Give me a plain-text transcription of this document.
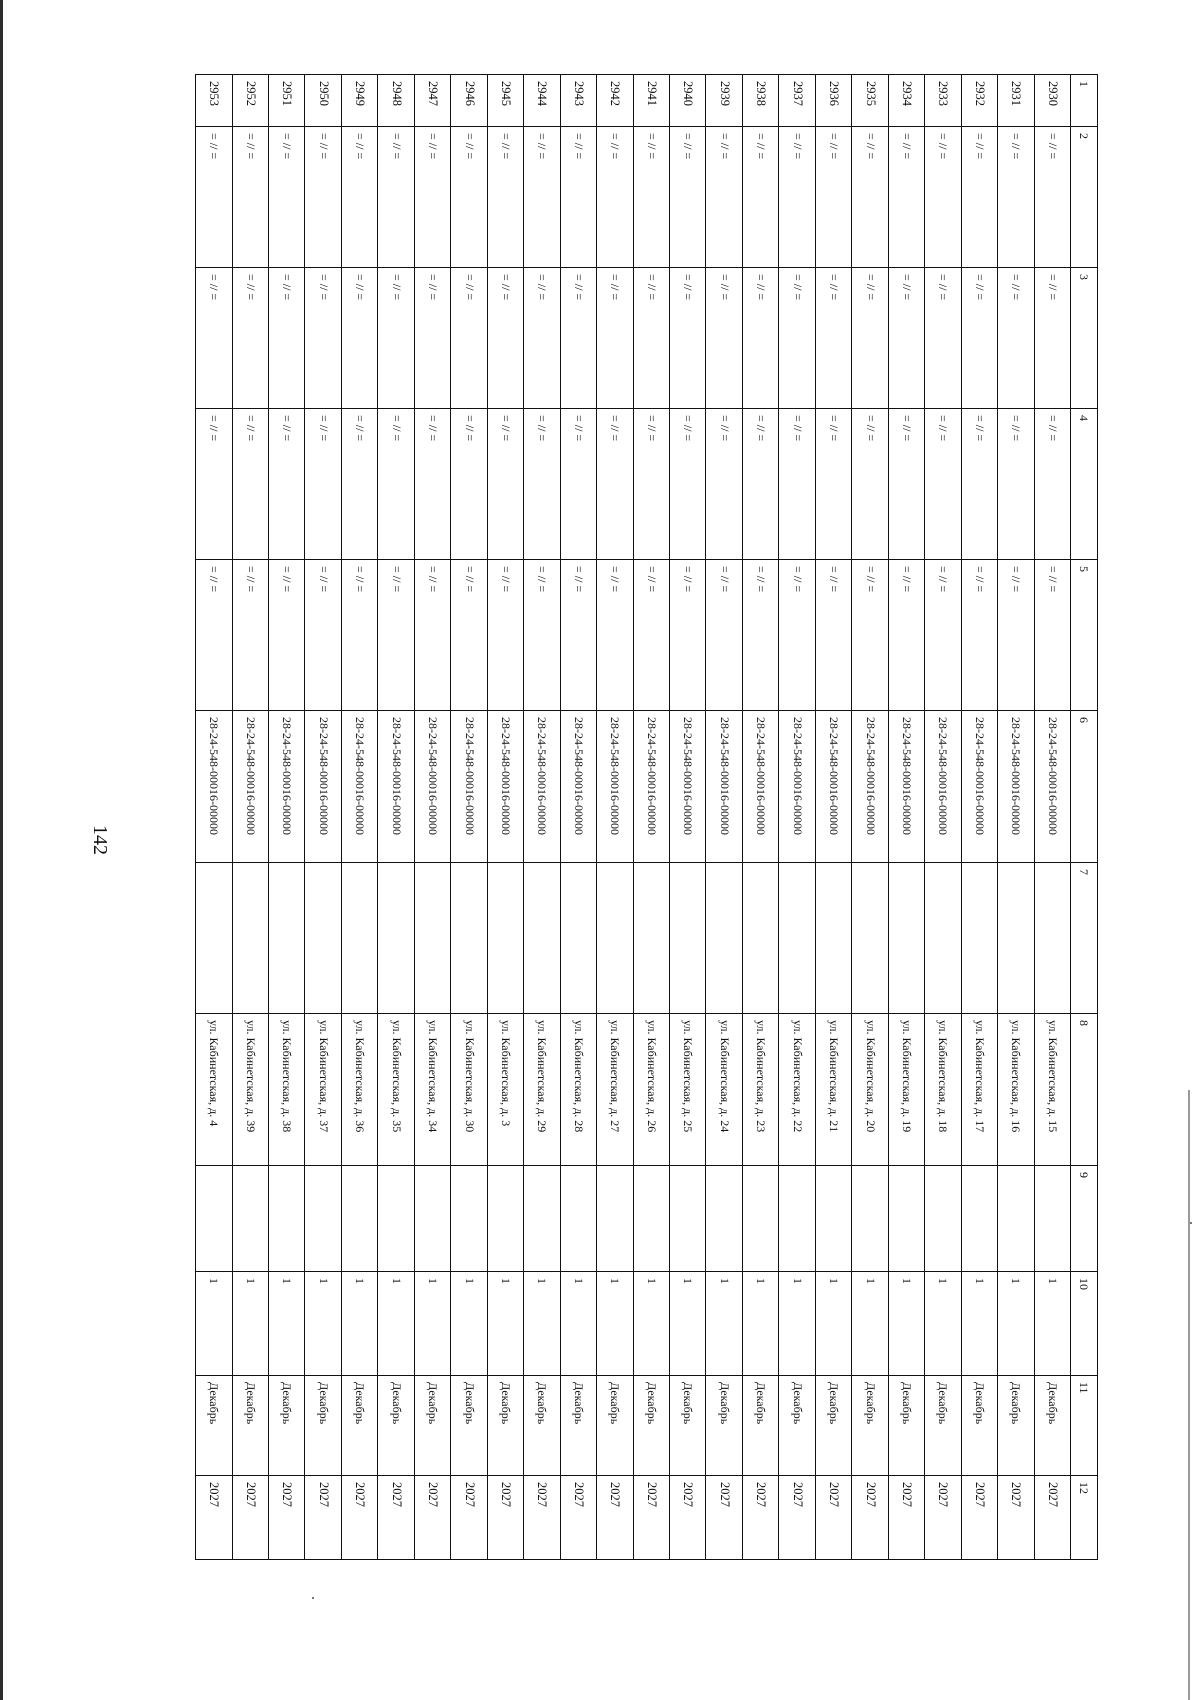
142
1	2	3	4	5	6	7	8	9	10	11	12
2930	= // =	= // =	= // =	= // =	28-24-548-00016-00000		ул. Кабинетская, д. 15		1	Декабрь	2027
2931	= // =	= // =	= // =	= // =	28-24-548-00016-00000		ул. Кабинетская, д. 16		1	Декабрь	2027
2932	= // =	= // =	= // =	= // =	28-24-548-00016-00000		ул. Кабинетская, д. 17		1	Декабрь	2027
2933	= // =	= // =	= // =	= // =	28-24-548-00016-00000		ул. Кабинетская, д. 18		1	Декабрь	2027
2934	= // =	= // =	= // =	= // =	28-24-548-00016-00000		ул. Кабинетская, д. 19		1	Декабрь	2027
2935	= // =	= // =	= // =	= // =	28-24-548-00016-00000		ул. Кабинетская, д. 20		1	Декабрь	2027
2936	= // =	= // =	= // =	= // =	28-24-548-00016-00000		ул. Кабинетская, д. 21		1	Декабрь	2027
2937	= // =	= // =	= // =	= // =	28-24-548-00016-00000		ул. Кабинетская, д. 22		1	Декабрь	2027
2938	= // =	= // =	= // =	= // =	28-24-548-00016-00000		ул. Кабинетская, д. 23		1	Декабрь	2027
2939	= // =	= // =	= // =	= // =	28-24-548-00016-00000		ул. Кабинетская, д. 24		1	Декабрь	2027
2940	= // =	= // =	= // =	= // =	28-24-548-00016-00000		ул. Кабинетская, д. 25		1	Декабрь	2027
2941	= // =	= // =	= // =	= // =	28-24-548-00016-00000		ул. Кабинетская, д. 26		1	Декабрь	2027
2942	= // =	= // =	= // =	= // =	28-24-548-00016-00000		ул. Кабинетская, д. 27		1	Декабрь	2027
2943	= // =	= // =	= // =	= // =	28-24-548-00016-00000		ул. Кабинетская, д. 28		1	Декабрь	2027
2944	= // =	= // =	= // =	= // =	28-24-548-00016-00000		ул. Кабинетская, д. 29		1	Декабрь	2027
2945	= // =	= // =	= // =	= // =	28-24-548-00016-00000		ул. Кабинетская, д. 3		1	Декабрь	2027
2946	= // =	= // =	= // =	= // =	28-24-548-00016-00000		ул. Кабинетская, д. 30		1	Декабрь	2027
2947	= // =	= // =	= // =	= // =	28-24-548-00016-00000		ул. Кабинетская, д. 34		1	Декабрь	2027
2948	= // =	= // =	= // =	= // =	28-24-548-00016-00000		ул. Кабинетская, д. 35		1	Декабрь	2027
2949	= // =	= // =	= // =	= // =	28-24-548-00016-00000		ул. Кабинетская, д. 36		1	Декабрь	2027
2950	= // =	= // =	= // =	= // =	28-24-548-00016-00000		ул. Кабинетская, д. 37		1	Декабрь	2027
2951	= // =	= // =	= // =	= // =	28-24-548-00016-00000		ул. Кабинетская, д. 38		1	Декабрь	2027
2952	= // =	= // =	= // =	= // =	28-24-548-00016-00000		ул. Кабинетская, д. 39		1	Декабрь	2027
2953	= // =	= // =	= // =	= // =	28-24-548-00016-00000		ул. Кабинетская, д. 4		1	Декабрь	2027
